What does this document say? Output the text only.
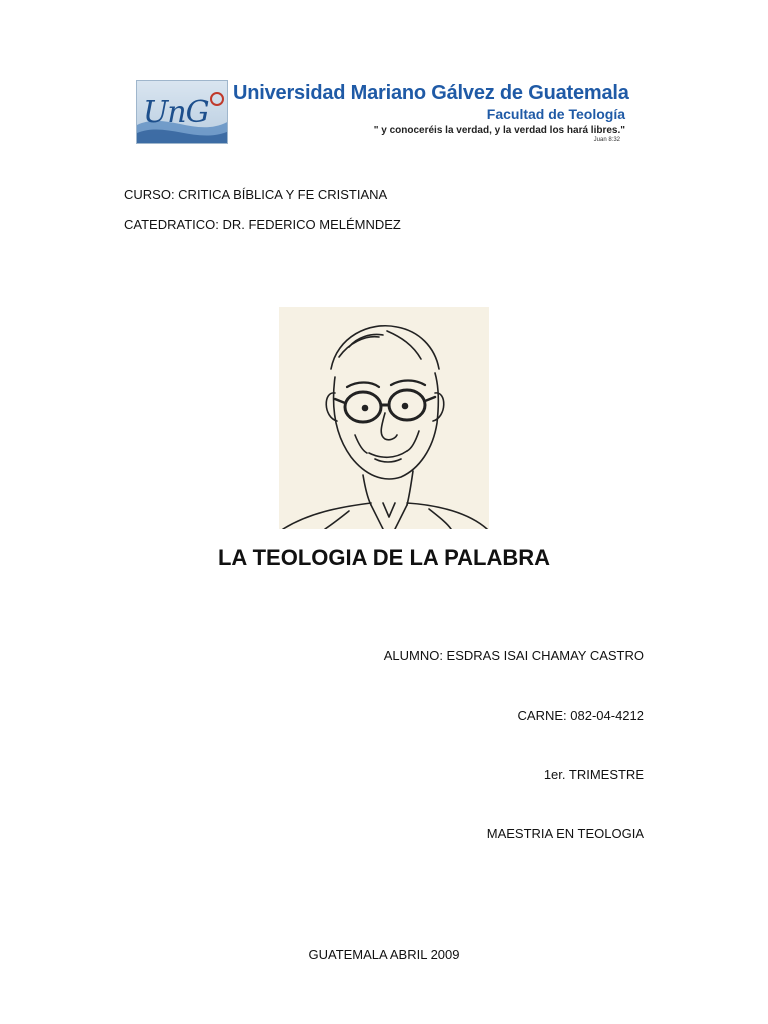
UnG
Universidad Mariano Gálvez de Guatemala
Facultad de Teología
" y conoceréis la verdad, y la verdad los hará libres."
Juan 8:32
CURSO: CRITICA BÍBLICA Y FE CRISTIANA
CATEDRATICO: DR. FEDERICO MELÉMNDEZ
LA TEOLOGIA DE LA PALABRA
ALUMNO: ESDRAS ISAI CHAMAY CASTRO
CARNE: 082-04-4212
1er. TRIMESTRE
MAESTRIA EN TEOLOGIA
GUATEMALA ABRIL 2009
